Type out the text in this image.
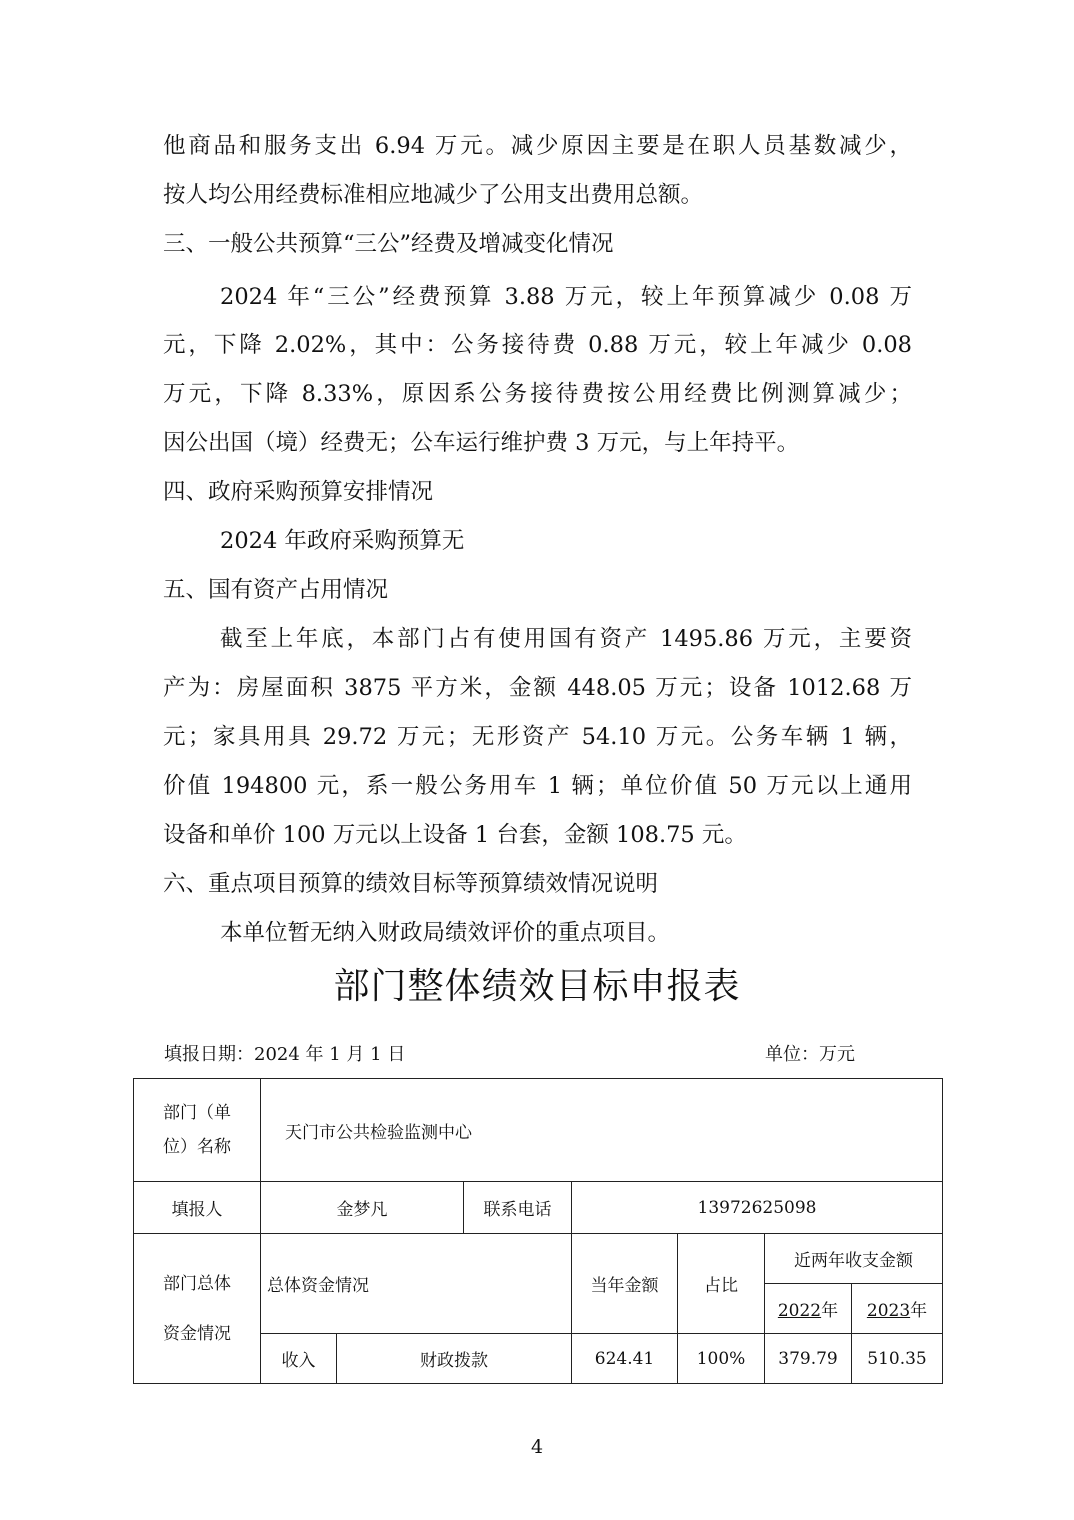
他商品和服务支出 6.94 万元。减少原因主要是在职人员基数减少，
按人均公用经费标准相应地减少了公用支出费用总额。
三、一般公共预算“三公”经费及增减变化情况
2024 年“三公”经费预算 3.88 万元，较上年预算减少 0.08 万
元，下降 2.02%，其中：公务接待费 0.88 万元，较上年减少 0.08
万元，下降 8.33%，原因系公务接待费按公用经费比例测算减少；
因公出国（境）经费无；公车运行维护费 3 万元，与上年持平。
四、政府采购预算安排情况
2024 年政府采购预算无
五、国有资产占用情况
截至上年底，本部门占有使用国有资产 1495.86 万元，主要资
产为：房屋面积 3875 平方米，金额 448.05 万元；设备 1012.68 万
元；家具用具 29.72 万元；无形资产 54.10 万元。公务车辆 1 辆，
价值 194800 元，系一般公务用车 1 辆；单位价值 50 万元以上通用
设备和单价 100 万元以上设备 1 台套，金额 108.75 元。
六、重点项目预算的绩效目标等预算绩效情况说明
本单位暂无纳入财政局绩效评价的重点项目。
部门整体绩效目标申报表
填报日期：2024 年 1 月 1 日	单位：万元
部门（单
位）名称	天门市公共检验监测中心						
填报人	金梦凡		联系电话	13972625098			
部门总体
资金情况	总体资金情况			当年金额	占比	近两年收支金额	
						2022年	2023年
	收入	财政拨款		624.41	100%	379.79	510.35
4
